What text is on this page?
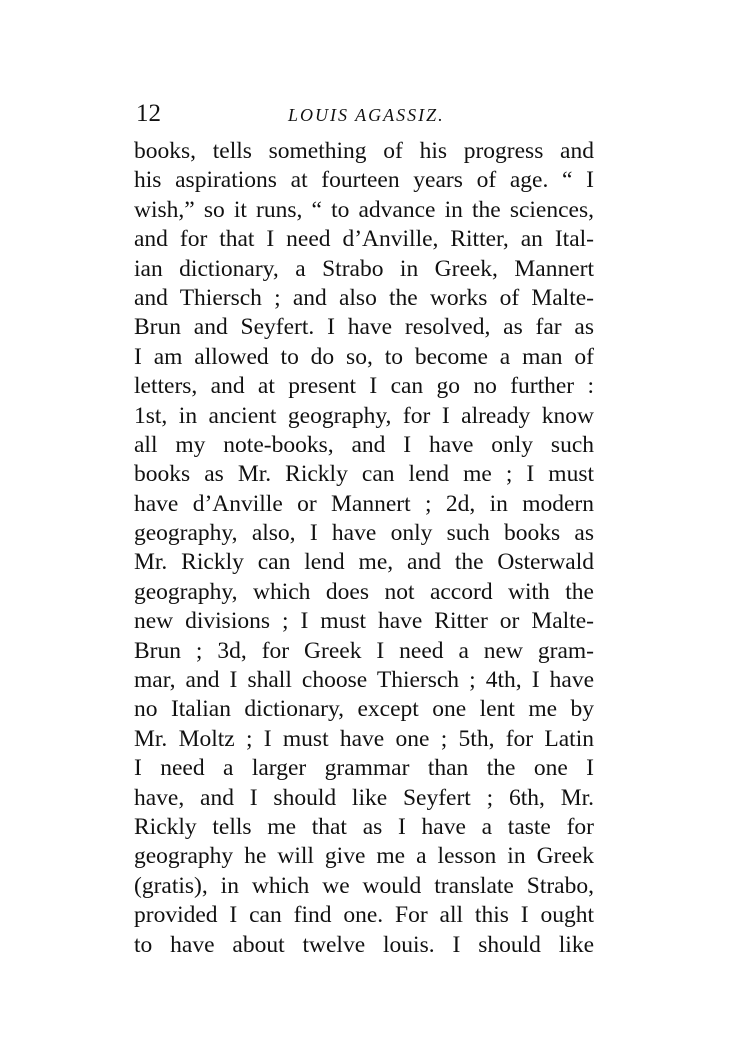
12	LOUIS AGASSIZ.
books, tells something of his progress and
his aspirations at fourteen years of age. “ I
wish,” so it runs, “ to advance in the sciences,
and for that I need d’Anville, Ritter, an Ital-
ian dictionary, a Strabo in Greek, Mannert
and Thiersch ; and also the works of Malte-
Brun and Seyfert. I have resolved, as far as
I am allowed to do so, to become a man of
letters, and at present I can go no further :
1st, in ancient geography, for I already know
all my note-books, and I have only such
books as Mr. Rickly can lend me ; I must
have d’Anville or Mannert ; 2d, in modern
geography, also, I have only such books as
Mr. Rickly can lend me, and the Osterwald
geography, which does not accord with the
new divisions ; I must have Ritter or Malte-
Brun ; 3d, for Greek I need a new gram-
mar, and I shall choose Thiersch ; 4th, I have
no Italian dictionary, except one lent me by
Mr. Moltz ; I must have one ; 5th, for Latin
I need a larger grammar than the one I
have, and I should like Seyfert ; 6th, Mr.
Rickly tells me that as I have a taste for
geography he will give me a lesson in Greek
(gratis), in which we would translate Strabo,
provided I can find one. For all this I ought
to have about twelve louis. I should like
